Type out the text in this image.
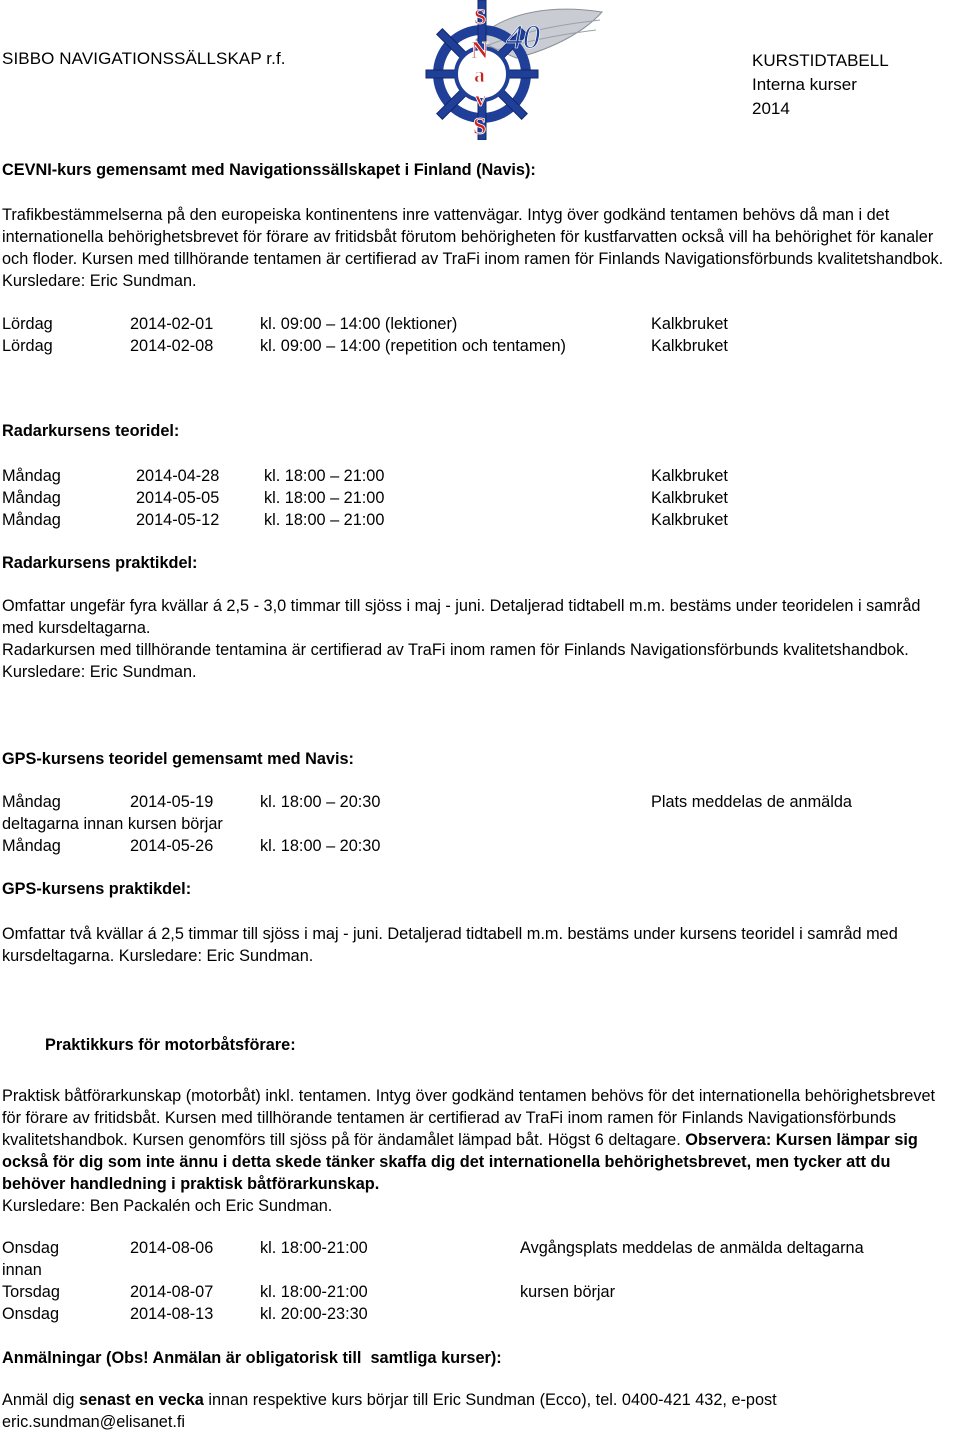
SIBBO NAVIGATIONSSÄLLSKAP r.f.
40
S
N
a
v
S
KURSTIDTABELL
Interna kurser
2014
CEVNI-kurs gemensamt med Navigationssällskapet i Finland (Navis):
Trafikbestämmelserna på den europeiska kontinentens inre vattenvägar. Intyg över godkänd tentamen behövs då man i det internationella behörighetsbrevet för förare av fritidsbåt förutom behörigheten för kustfarvatten också vill ha behörighet för kanaler och floder. Kursen med tillhörande tentamen är certifierad av TraFi inom ramen för Finlands Navigationsförbunds kvalitetshandbok. Kursledare: Eric Sundman.
Lördag	2014-02-01	kl. 09:00 – 14:00 (lektioner)	Kalkbruket
Lördag	2014-02-08	kl. 09:00 – 14:00 (repetition och tentamen)	Kalkbruket
Radarkursens teoridel:
Måndag	2014-04-28	kl. 18:00 – 21:00	Kalkbruket
Måndag	2014-05-05	kl. 18:00 – 21:00	Kalkbruket
Måndag	2014-05-12	kl. 18:00 – 21:00	Kalkbruket
Radarkursens praktikdel:
Omfattar ungefär fyra kvällar á 2,5 - 3,0 timmar till sjöss i maj - juni. Detaljerad tidtabell m.m. bestäms under teoridelen i samråd med kursdeltagarna.
Radarkursen med tillhörande tentamina är certifierad av TraFi inom ramen för Finlands Navigationsförbunds kvalitetshandbok. Kursledare: Eric Sundman.
GPS-kursens teoridel gemensamt med Navis:
Måndag	2014-05-19	kl. 18:00 – 20:30	Plats meddelas de anmälda
deltagarna innan kursen börjar
Måndag	2014-05-26	kl. 18:00 – 20:30
GPS-kursens praktikdel:
Omfattar två kvällar á 2,5 timmar till sjöss i maj - juni. Detaljerad tidtabell m.m. bestäms under kursens teoridel i samråd med kursdeltagarna. Kursledare: Eric Sundman.
Praktikkurs för motorbåtsförare:
Praktisk båtförarkunskap (motorbåt) inkl. tentamen. Intyg över godkänd tentamen behövs för det internationella behörighetsbrevet för förare av fritidsbåt. Kursen med tillhörande tentamen är certifierad av TraFi inom ramen för Finlands Navigationsförbunds kvalitetshandbok. Kursen genomförs till sjöss på för ändamålet lämpad båt. Högst 6 deltagare. Observera: Kursen lämpar sig också för dig som inte ännu i detta skede tänker skaffa dig det internationella behörighetsbrevet, men tycker att du behöver handledning i praktisk båtförarkunskap.
Kursledare: Ben Packalén och Eric Sundman.
Onsdag	2014-08-06	kl. 18:00-21:00	Avgångsplats meddelas de anmälda deltagarna
innan
Torsdag	2014-08-07	kl. 18:00-21:00	kursen börjar
Onsdag	2014-08-13	kl. 20:00-23:30
Anmälningar (Obs! Anmälan är obligatorisk till  samtliga kurser):
Anmäl dig senast en vecka innan respektive kurs börjar till Eric Sundman (Ecco), tel. 0400-421 432, e-post
eric.sundman@elisanet.fi
